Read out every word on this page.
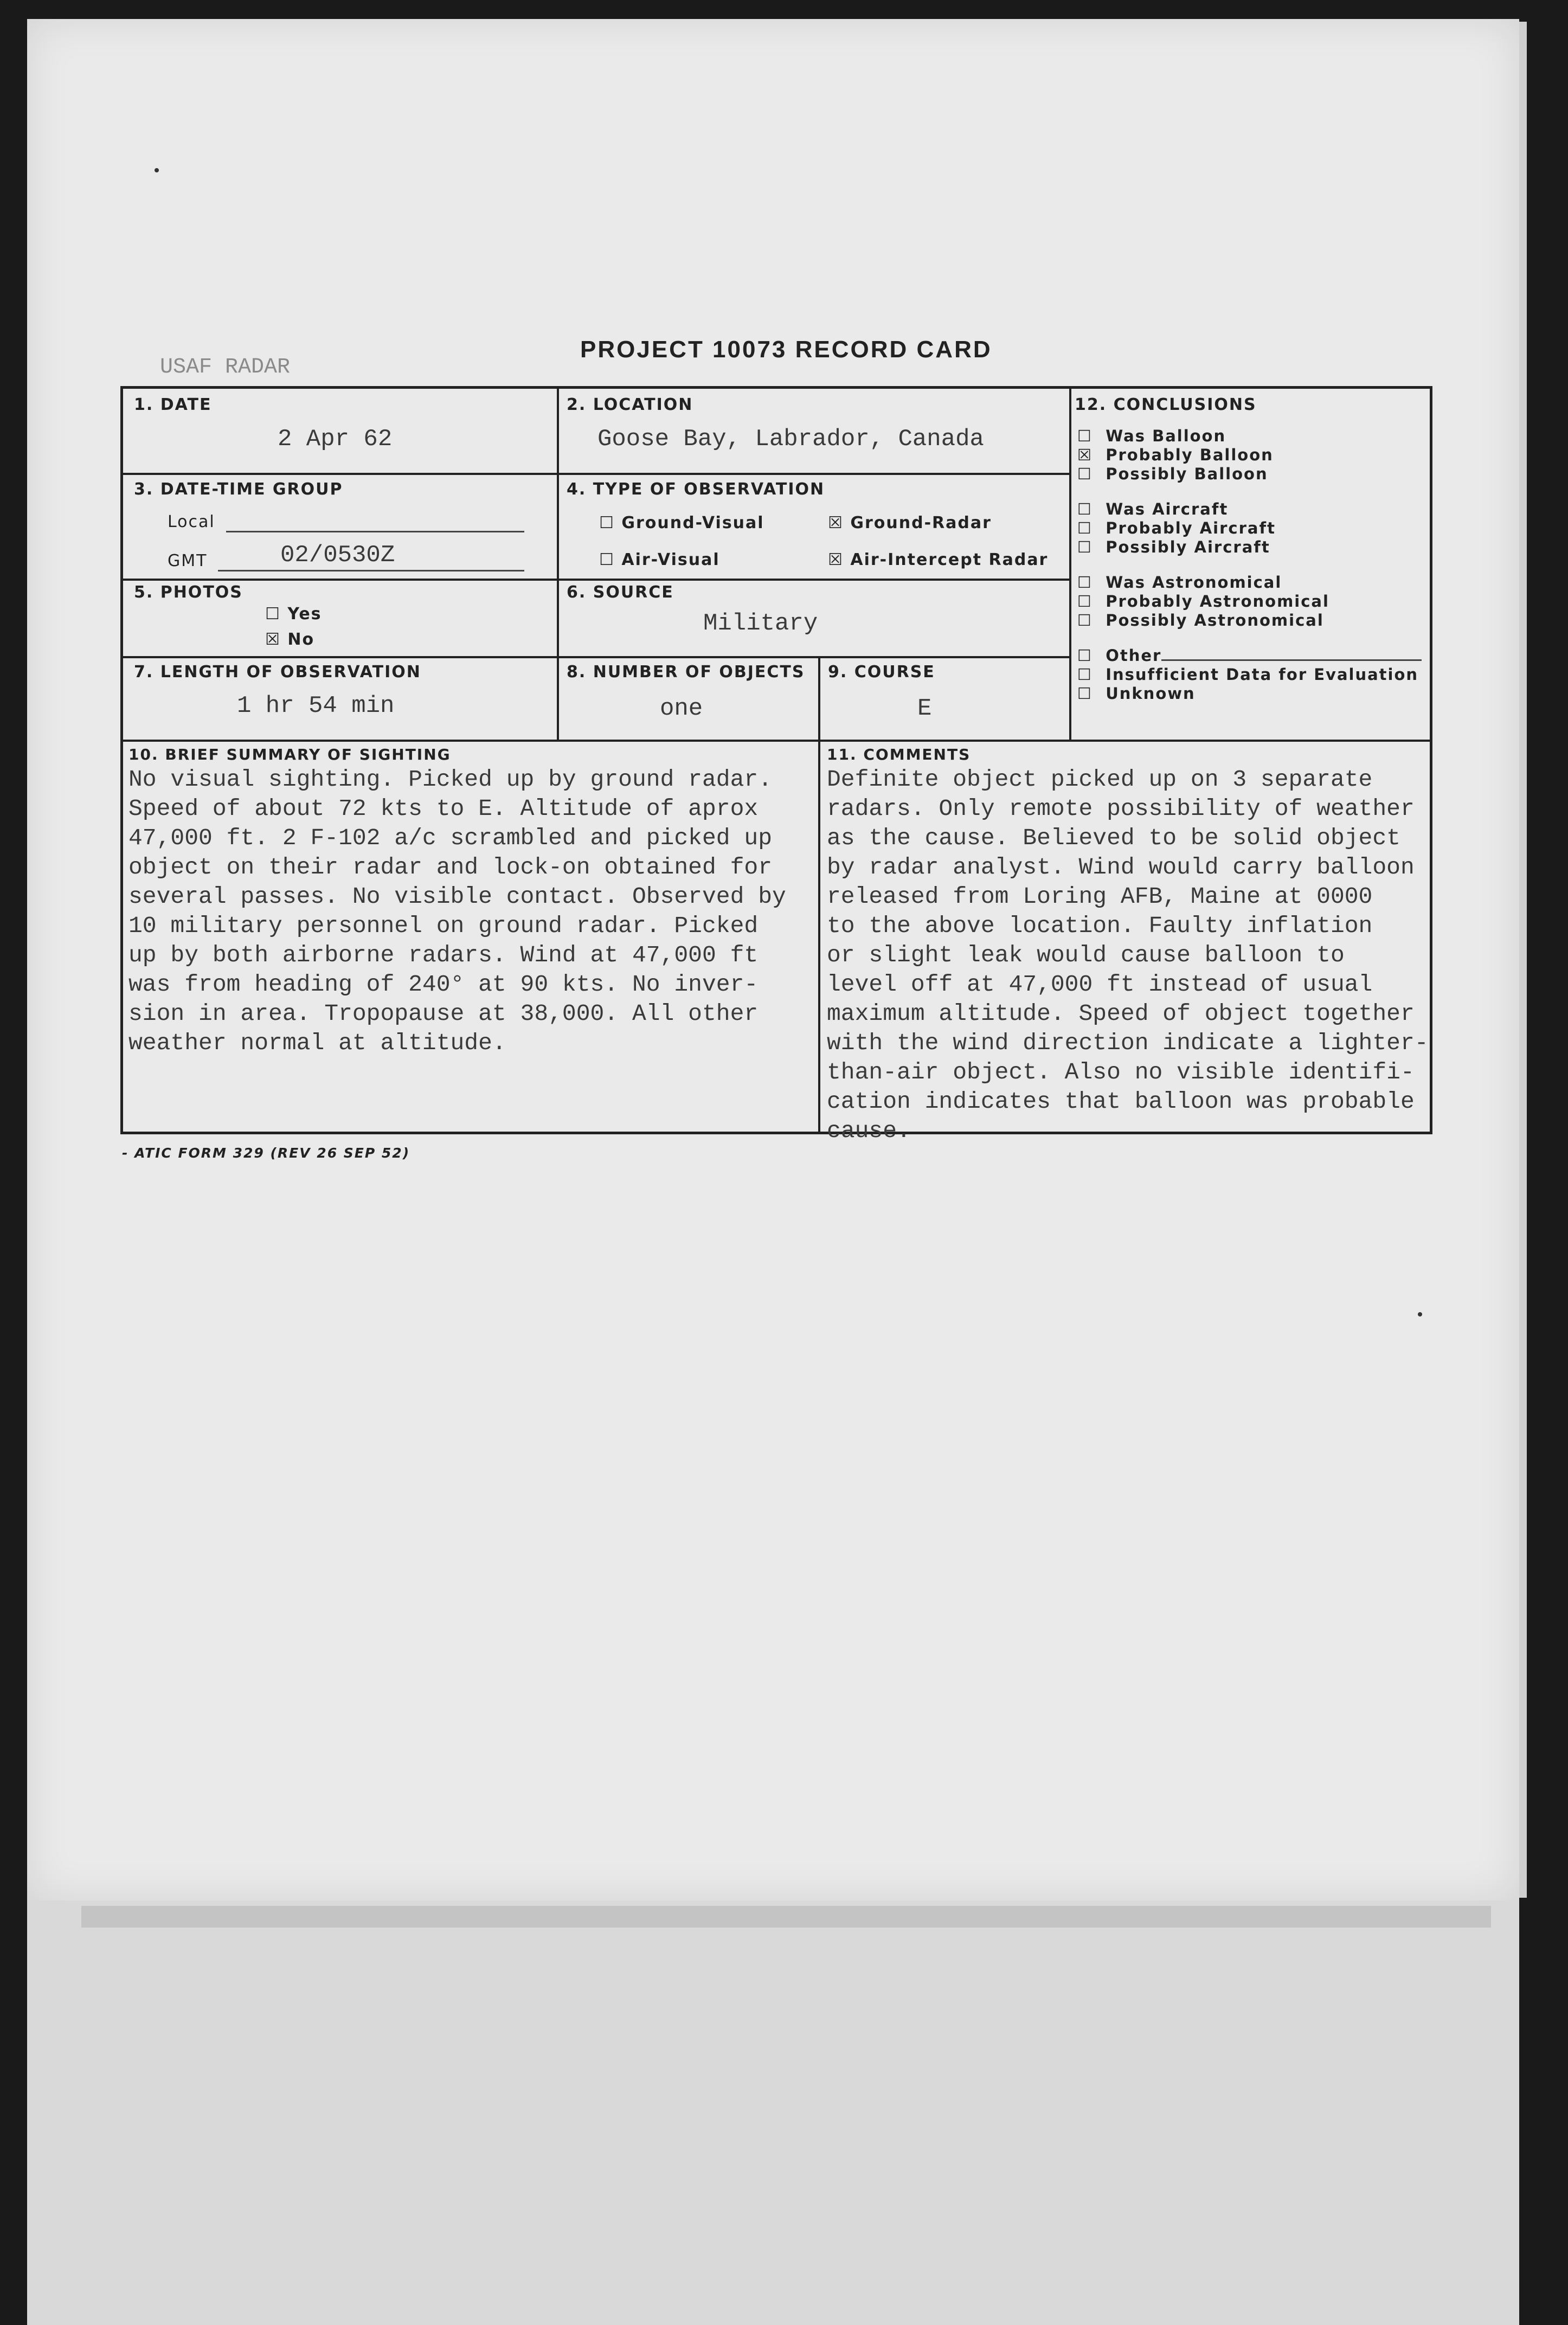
USAF RADAR
PROJECT 10073 RECORD CARD
1. DATE
2 Apr 62
2. LOCATION
Goose Bay, Labrador, Canada
3. DATE-TIME GROUP
Local
GMT	02/0530Z
4. TYPE OF OBSERVATION
☐ Ground-Visual	☒ Ground-Radar
☐ Air-Visual	☒ Air-Intercept Radar
5. PHOTOS
☐ Yes
☒ No
6. SOURCE
Military
7. LENGTH OF OBSERVATION
1 hr 54 min
8. NUMBER OF OBJECTS
one
9. COURSE
E
12. CONCLUSIONS
☐ Was Balloon
☒ Probably Balloon
☐ Possibly Balloon
☐ Was Aircraft
☐ Probably Aircraft
☐ Possibly Aircraft
☐ Was Astronomical
☐ Probably Astronomical
☐ Possibly Astronomical
☐ Other
☐ Insufficient Data for Evaluation
☐ Unknown
10. BRIEF SUMMARY OF SIGHTING

No visual sighting. Picked up by ground radar.

Speed of about 72 kts to E. Altitude of aprox

47,000 ft. 2 F-102 a/c scrambled and picked up

object on their radar and lock-on obtained for

several passes. No visible contact. Observed by

10 military personnel on ground radar. Picked

up by both airborne radars. Wind at 47,000 ft

was from heading of 240° at 90 kts. No inver-

sion in area. Tropopause at 38,000. All other

weather normal at altitude.

11. COMMENTS

Definite object picked up on 3 separate

radars. Only remote possibility of weather

as the cause. Believed to be solid object

by radar analyst. Wind would carry balloon

released from Loring AFB, Maine at 0000

to the above location. Faulty inflation

or slight leak would cause balloon to

level off at 47,000 ft instead of usual

maximum altitude. Speed of object together

with the wind direction indicate a lighter-

than-air object. Also no visible identifi-

cation indicates that balloon was probable

cause.

- ATIC FORM 329 (REV 26 SEP 52)
